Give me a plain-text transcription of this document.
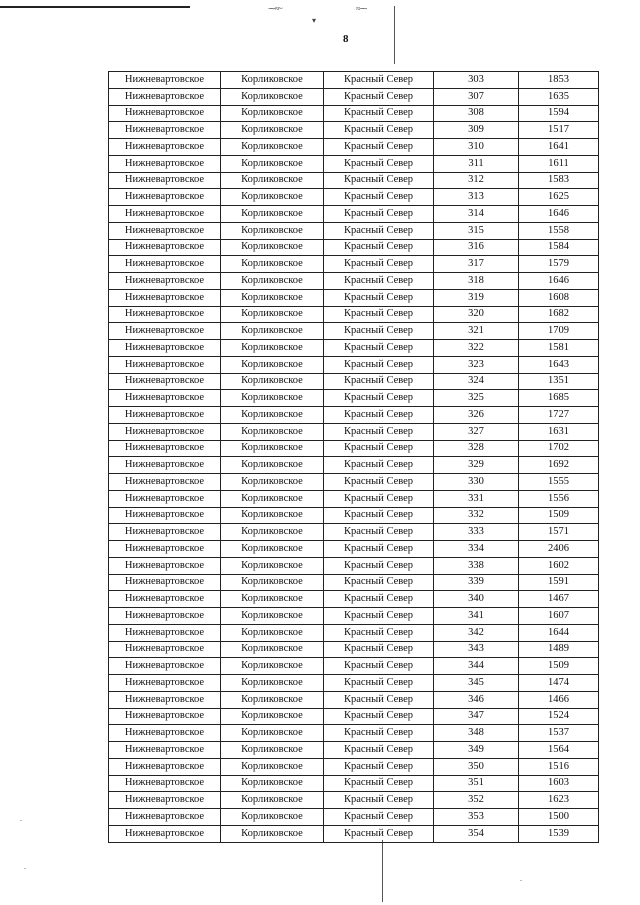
⁓≈~	≈⁓
▾
8
Нижневартовское	Корликовское	Красный Север	303	1853
Нижневартовское	Корликовское	Красный Север	307	1635
Нижневартовское	Корликовское	Красный Север	308	1594
Нижневартовское	Корликовское	Красный Север	309	1517
Нижневартовское	Корликовское	Красный Север	310	1641
Нижневартовское	Корликовское	Красный Север	311	1611
Нижневартовское	Корликовское	Красный Север	312	1583
Нижневартовское	Корликовское	Красный Север	313	1625
Нижневартовское	Корликовское	Красный Север	314	1646
Нижневартовское	Корликовское	Красный Север	315	1558
Нижневартовское	Корликовское	Красный Север	316	1584
Нижневартовское	Корликовское	Красный Север	317	1579
Нижневартовское	Корликовское	Красный Север	318	1646
Нижневартовское	Корликовское	Красный Север	319	1608
Нижневартовское	Корликовское	Красный Север	320	1682
Нижневартовское	Корликовское	Красный Север	321	1709
Нижневартовское	Корликовское	Красный Север	322	1581
Нижневартовское	Корликовское	Красный Север	323	1643
Нижневартовское	Корликовское	Красный Север	324	1351
Нижневартовское	Корликовское	Красный Север	325	1685
Нижневартовское	Корликовское	Красный Север	326	1727
Нижневартовское	Корликовское	Красный Север	327	1631
Нижневартовское	Корликовское	Красный Север	328	1702
Нижневартовское	Корликовское	Красный Север	329	1692
Нижневартовское	Корликовское	Красный Север	330	1555
Нижневартовское	Корликовское	Красный Север	331	1556
Нижневартовское	Корликовское	Красный Север	332	1509
Нижневартовское	Корликовское	Красный Север	333	1571
Нижневартовское	Корликовское	Красный Север	334	2406
Нижневартовское	Корликовское	Красный Север	338	1602
Нижневартовское	Корликовское	Красный Север	339	1591
Нижневартовское	Корликовское	Красный Север	340	1467
Нижневартовское	Корликовское	Красный Север	341	1607
Нижневартовское	Корликовское	Красный Север	342	1644
Нижневартовское	Корликовское	Красный Север	343	1489
Нижневартовское	Корликовское	Красный Север	344	1509
Нижневартовское	Корликовское	Красный Север	345	1474
Нижневартовское	Корликовское	Красный Север	346	1466
Нижневартовское	Корликовское	Красный Север	347	1524
Нижневартовское	Корликовское	Красный Север	348	1537
Нижневартовское	Корликовское	Красный Север	349	1564
Нижневартовское	Корликовское	Красный Север	350	1516
Нижневартовское	Корликовское	Красный Север	351	1603
Нижневартовское	Корликовское	Красный Север	352	1623
Нижневартовское	Корликовское	Красный Север	353	1500
Нижневартовское	Корликовское	Красный Север	354	1539
